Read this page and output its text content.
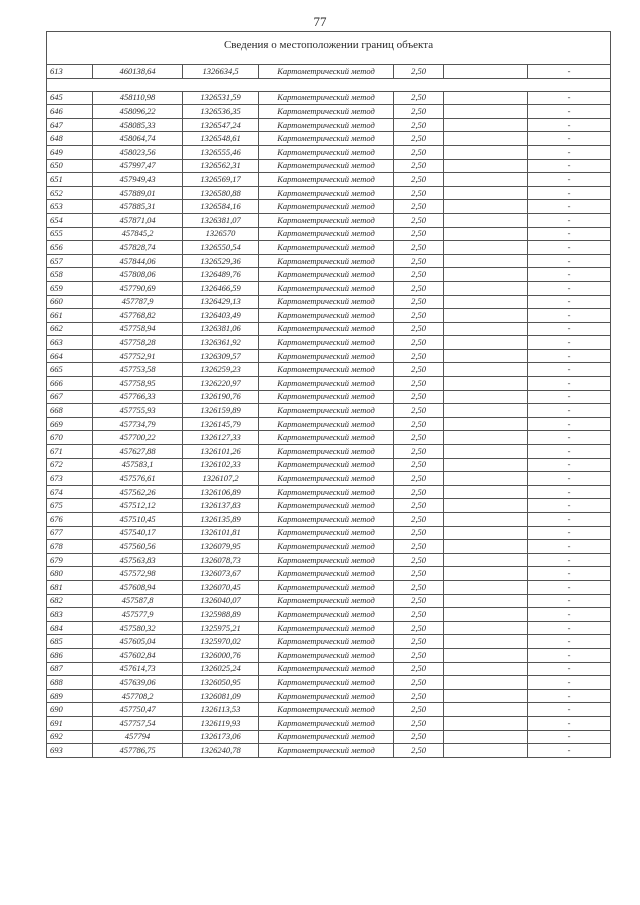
77
Сведения о местоположении границ объекта						
613	460138,64	1326634,5	Картометрический метод	2,50		-

645	458110,98	1326531,59	Картометрический метод	2,50		-
646	458096,22	1326536,35	Картометрический метод	2,50		-
647	458085,33	1326547,24	Картометрический метод	2,50		-
648	458064,74	1326548,61	Картометрический метод	2,50		-
649	458023,56	1326555,46	Картометрический метод	2,50		-
650	457997,47	1326562,31	Картометрический метод	2,50		-
651	457949,43	1326569,17	Картометрический метод	2,50		-
652	457889,01	1326580,88	Картометрический метод	2,50		-
653	457885,31	1326584,16	Картометрический метод	2,50		-
654	457871,04	1326381,07	Картометрический метод	2,50		-
655	457845,2	1326570	Картометрический метод	2,50		-
656	457828,74	1326550,54	Картометрический метод	2,50		-
657	457844,06	1326529,36	Картометрический метод	2,50		-
658	457808,06	1326489,76	Картометрический метод	2,50		-
659	457790,69	1326466,59	Картометрический метод	2,50		-
660	457787,9	1326429,13	Картометрический метод	2,50		-
661	457768,82	1326403,49	Картометрический метод	2,50		-
662	457758,94	1326381,06	Картометрический метод	2,50		-
663	457758,28	1326361,92	Картометрический метод	2,50		-
664	457752,91	1326309,57	Картометрический метод	2,50		-
665	457753,58	1326259,23	Картометрический метод	2,50		-
666	457758,95	1326220,97	Картометрический метод	2,50		-
667	457766,33	1326190,76	Картометрический метод	2,50		-
668	457755,93	1326159,89	Картометрический метод	2,50		-
669	457734,79	1326145,79	Картометрический метод	2,50		-
670	457700,22	1326127,33	Картометрический метод	2,50		-
671	457627,88	1326101,26	Картометрический метод	2,50		-
672	457583,1	1326102,33	Картометрический метод	2,50		-
673	457576,61	1326107,2	Картометрический метод	2,50		-
674	457562,26	1326106,89	Картометрический метод	2,50		-
675	457512,12	1326137,83	Картометрический метод	2,50		-
676	457510,45	1326135,89	Картометрический метод	2,50		-
677	457540,17	1326101,81	Картометрический метод	2,50		-
678	457560,56	1326079,95	Картометрический метод	2,50		-
679	457563,83	1326078,73	Картометрический метод	2,50		-
680	457572,98	1326073,67	Картометрический метод	2,50		-
681	457608,94	1326070,45	Картометрический метод	2,50		-
682	457587,8	1326040,07	Картометрический метод	2,50		-
683	457577,9	1325988,89	Картометрический метод	2,50		-
684	457580,32	1325975,21	Картометрический метод	2,50		-
685	457605,04	1325970,02	Картометрический метод	2,50		-
686	457602,84	1326000,76	Картометрический метод	2,50		-
687	457614,73	1326025,24	Картометрический метод	2,50		-
688	457639,06	1326050,95	Картометрический метод	2,50		-
689	457708,2	1326081,09	Картометрический метод	2,50		-
690	457750,47	1326113,53	Картометрический метод	2,50		-
691	457757,54	1326119,93	Картометрический метод	2,50		-
692	457794	1326173,06	Картометрический метод	2,50		-
693	457786,75	1326240,78	Картометрический метод	2,50		-
